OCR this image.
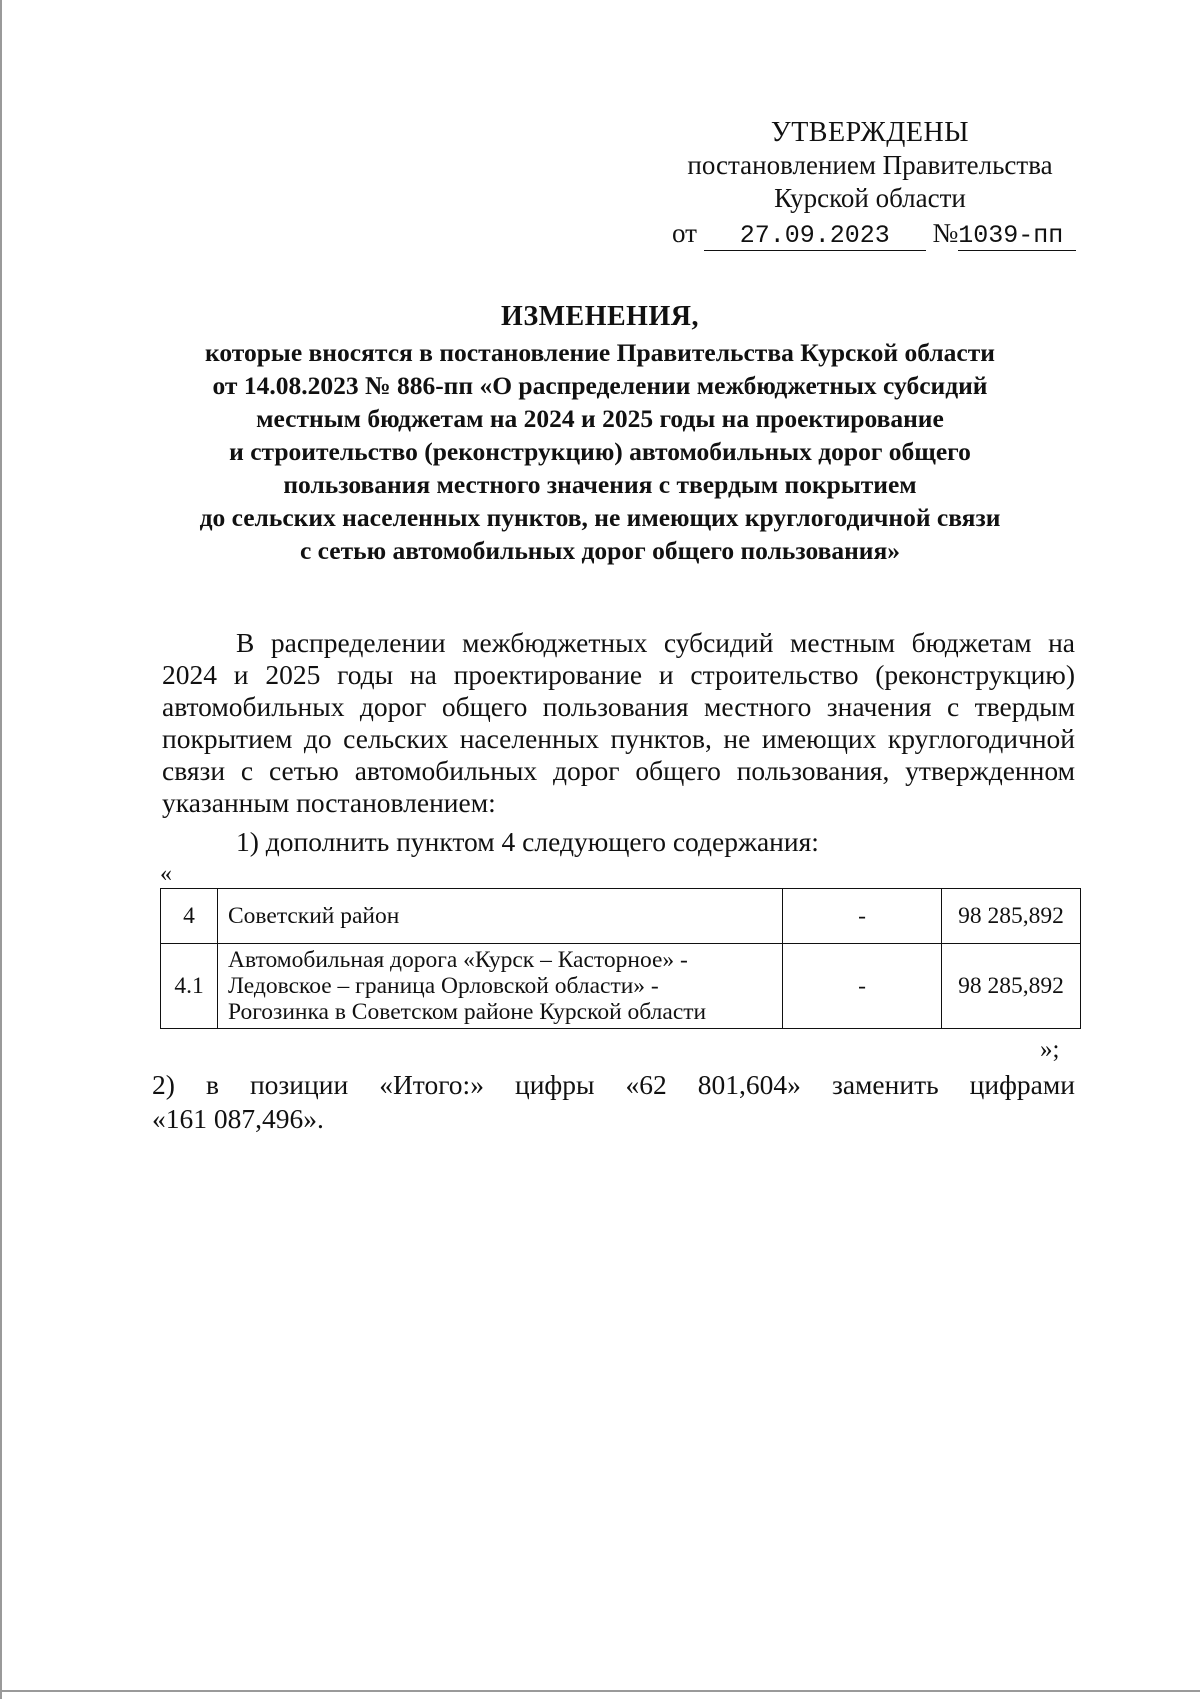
УТВЕРЖДЕНЫ
постановлением Правительства
Курской области
от 27.09.2023 №1039-пп
ИЗМЕНЕНИЯ,
которые вносятся в постановление Правительства Курской области
от 14.08.2023 № 886-пп «О распределении межбюджетных субсидий
местным бюджетам на 2024 и 2025 годы на проектирование
и строительство (реконструкцию) автомобильных дорог общего
пользования местного значения с твердым покрытием
до сельских населенных пунктов, не имеющих круглогодичной связи
с сетью автомобильных дорог общего пользования»

В распределении межбюджетных субсидий местным бюджетам на 2024 и 2025 годы на проектирование и строительство (реконструкцию) автомобильных дорог общего пользования местного значения с твердым покрытием до сельских населенных пунктов, не имеющих круглогодичной связи с сетью автомобильных дорог общего пользования, утвержденном указанным постановлением:

1) дополнить пунктом 4 следующего содержания:
«
4	Советский район	-	98 285,892
4.1	Автомобильная дорога «Курск – Касторное» -
Ледовское – граница Орловской области» -
Рогозинка в Советском районе Курской области	-	98 285,892
»;
2) в позиции «Итого:» цифры «62 801,604» заменить цифрами
«161 087,496».
